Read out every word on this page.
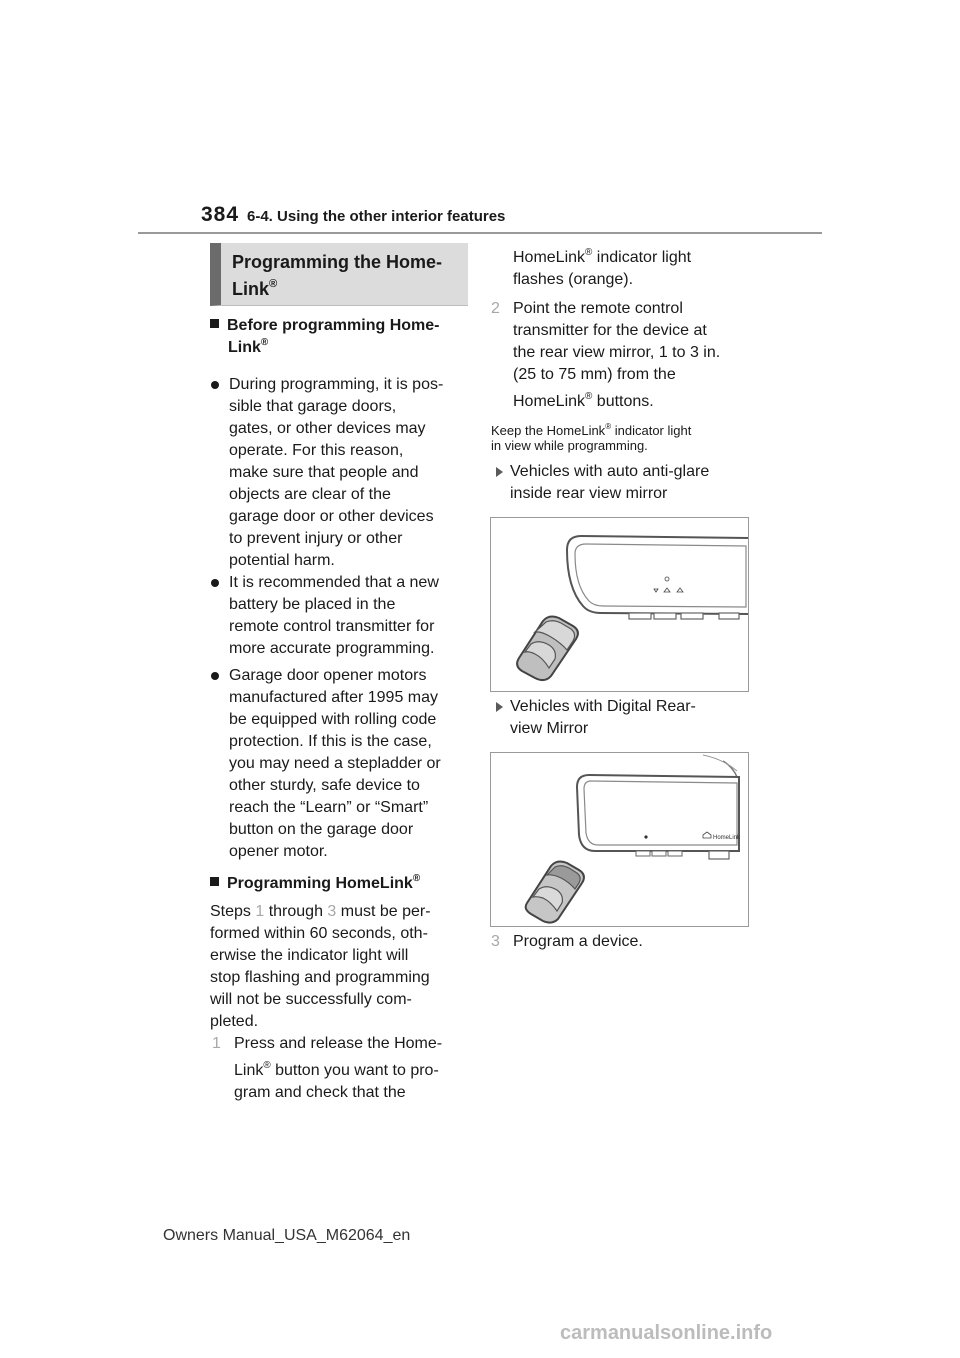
384 6-4. Using the other interior features
Programming the Home-
Link®
Before programming Home-
Link®
During programming, it is pos-
sible that garage doors,
gates, or other devices may
operate. For this reason,
make sure that people and
objects are clear of the
garage door or other devices
to prevent injury or other
potential harm.
It is recommended that a new
battery be placed in the
remote control transmitter for
more accurate programming.
Garage door opener motors
manufactured after 1995 may
be equipped with rolling code
protection. If this is the case,
you may need a stepladder or
other sturdy, safe device to
reach the “Learn” or “Smart”
button on the garage door
opener motor.
Programming HomeLink®
Steps 1 through 3 must be per-
formed within 60 seconds, oth-
erwise the indicator light will
stop flashing and programming
will not be successfully com-
pleted.
1 Press and release the Home-
Link® button you want to pro-
gram and check that the
HomeLink® indicator light
flashes (orange).
2 Point the remote control
transmitter for the device at
the rear view mirror, 1 to 3 in.
(25 to 75 mm) from the
HomeLink® buttons.
Keep the HomeLink® indicator light
in view while programming.
Vehicles with auto anti-glare
inside rear view mirror
Vehicles with Digital Rear-
view Mirror
HomeLink
3 Program a device.
Owners Manual_USA_M62064_en
carmanualsonline.info
